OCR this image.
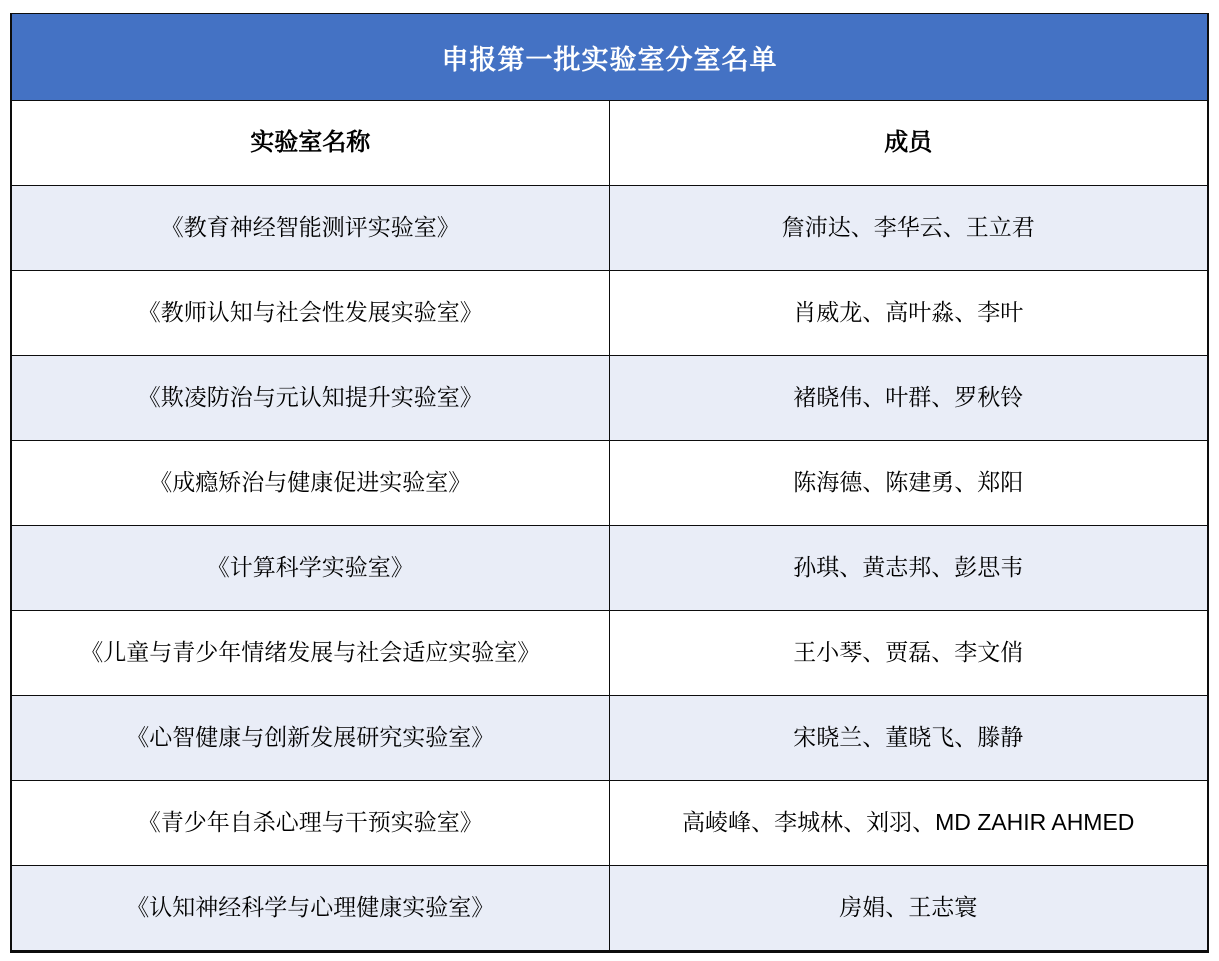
申报第一批实验室分室名单
实验室名称	成员
《教育神经智能测评实验室》	詹沛达、李华云、王立君
《教师认知与社会性发展实验室》	肖威龙、高叶淼、李叶
《欺凌防治与元认知提升实验室》	褚晓伟、叶群、罗秋铃
《成瘾矫治与健康促进实验室》	陈海德、陈建勇、郑阳
《计算科学实验室》	孙琪、黄志邦、彭思韦
《儿童与青少年情绪发展与社会适应实验室》	王小琴、贾磊、李文俏
《心智健康与创新发展研究实验室》	宋晓兰、董晓飞、滕静
《青少年自杀心理与干预实验室》	高崚峰、李城林、刘羽、MD ZAHIR AHMED
《认知神经科学与心理健康实验室》	房娟、王志寰
